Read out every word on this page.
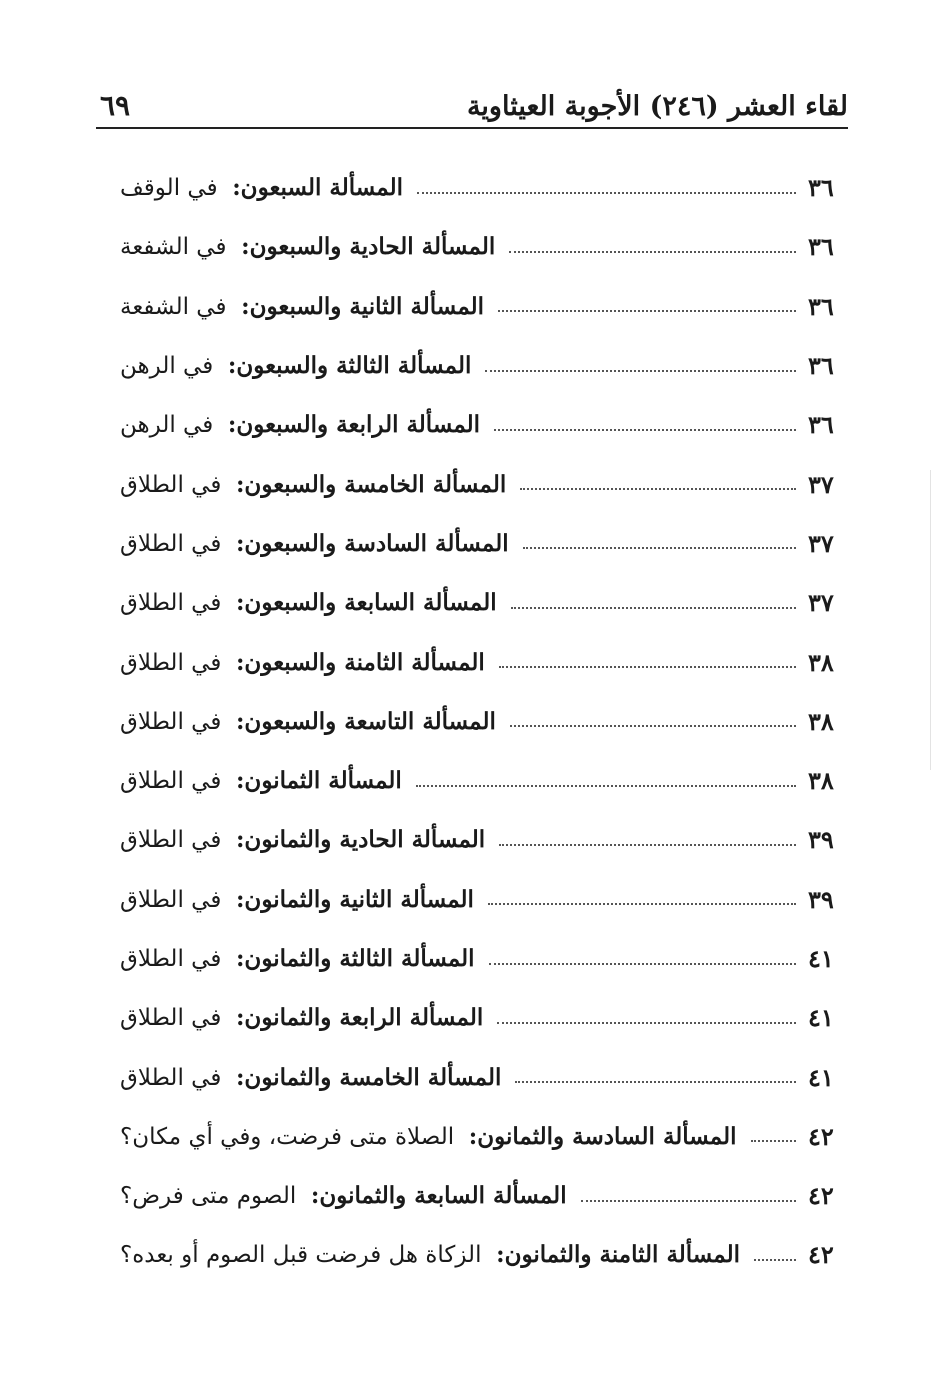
لقاء العشر (٢٤٦) الأجوبة العيثاوية
٦٩
المسألة السبعون:  في الوقف	٣٦
المسألة الحادية والسبعون:  في الشفعة	٣٦
المسألة الثانية والسبعون:  في الشفعة	٣٦
المسألة الثالثة والسبعون:  في الرهن	٣٦
المسألة الرابعة والسبعون:  في الرهن	٣٦
المسألة الخامسة والسبعون:  في الطلاق	٣٧
المسألة السادسة والسبعون:  في الطلاق	٣٧
المسألة السابعة والسبعون:  في الطلاق	٣٧
المسألة الثامنة والسبعون:  في الطلاق	٣٨
المسألة التاسعة والسبعون:  في الطلاق	٣٨
المسألة الثمانون:  في الطلاق	٣٨
المسألة الحادية والثمانون:  في الطلاق	٣٩
المسألة الثانية والثمانون:  في الطلاق	٣٩
المسألة الثالثة والثمانون:  في الطلاق	٤١
المسألة الرابعة والثمانون:  في الطلاق	٤١
المسألة الخامسة والثمانون:  في الطلاق	٤١
المسألة السادسة والثمانون:  الصلاة متى فرضت، وفي أي مكان؟	٤٢
المسألة السابعة والثمانون:  الصوم متى فرض؟	٤٢
المسألة الثامنة والثمانون:  الزكاة هل فرضت قبل الصوم أو بعده؟	٤٢
